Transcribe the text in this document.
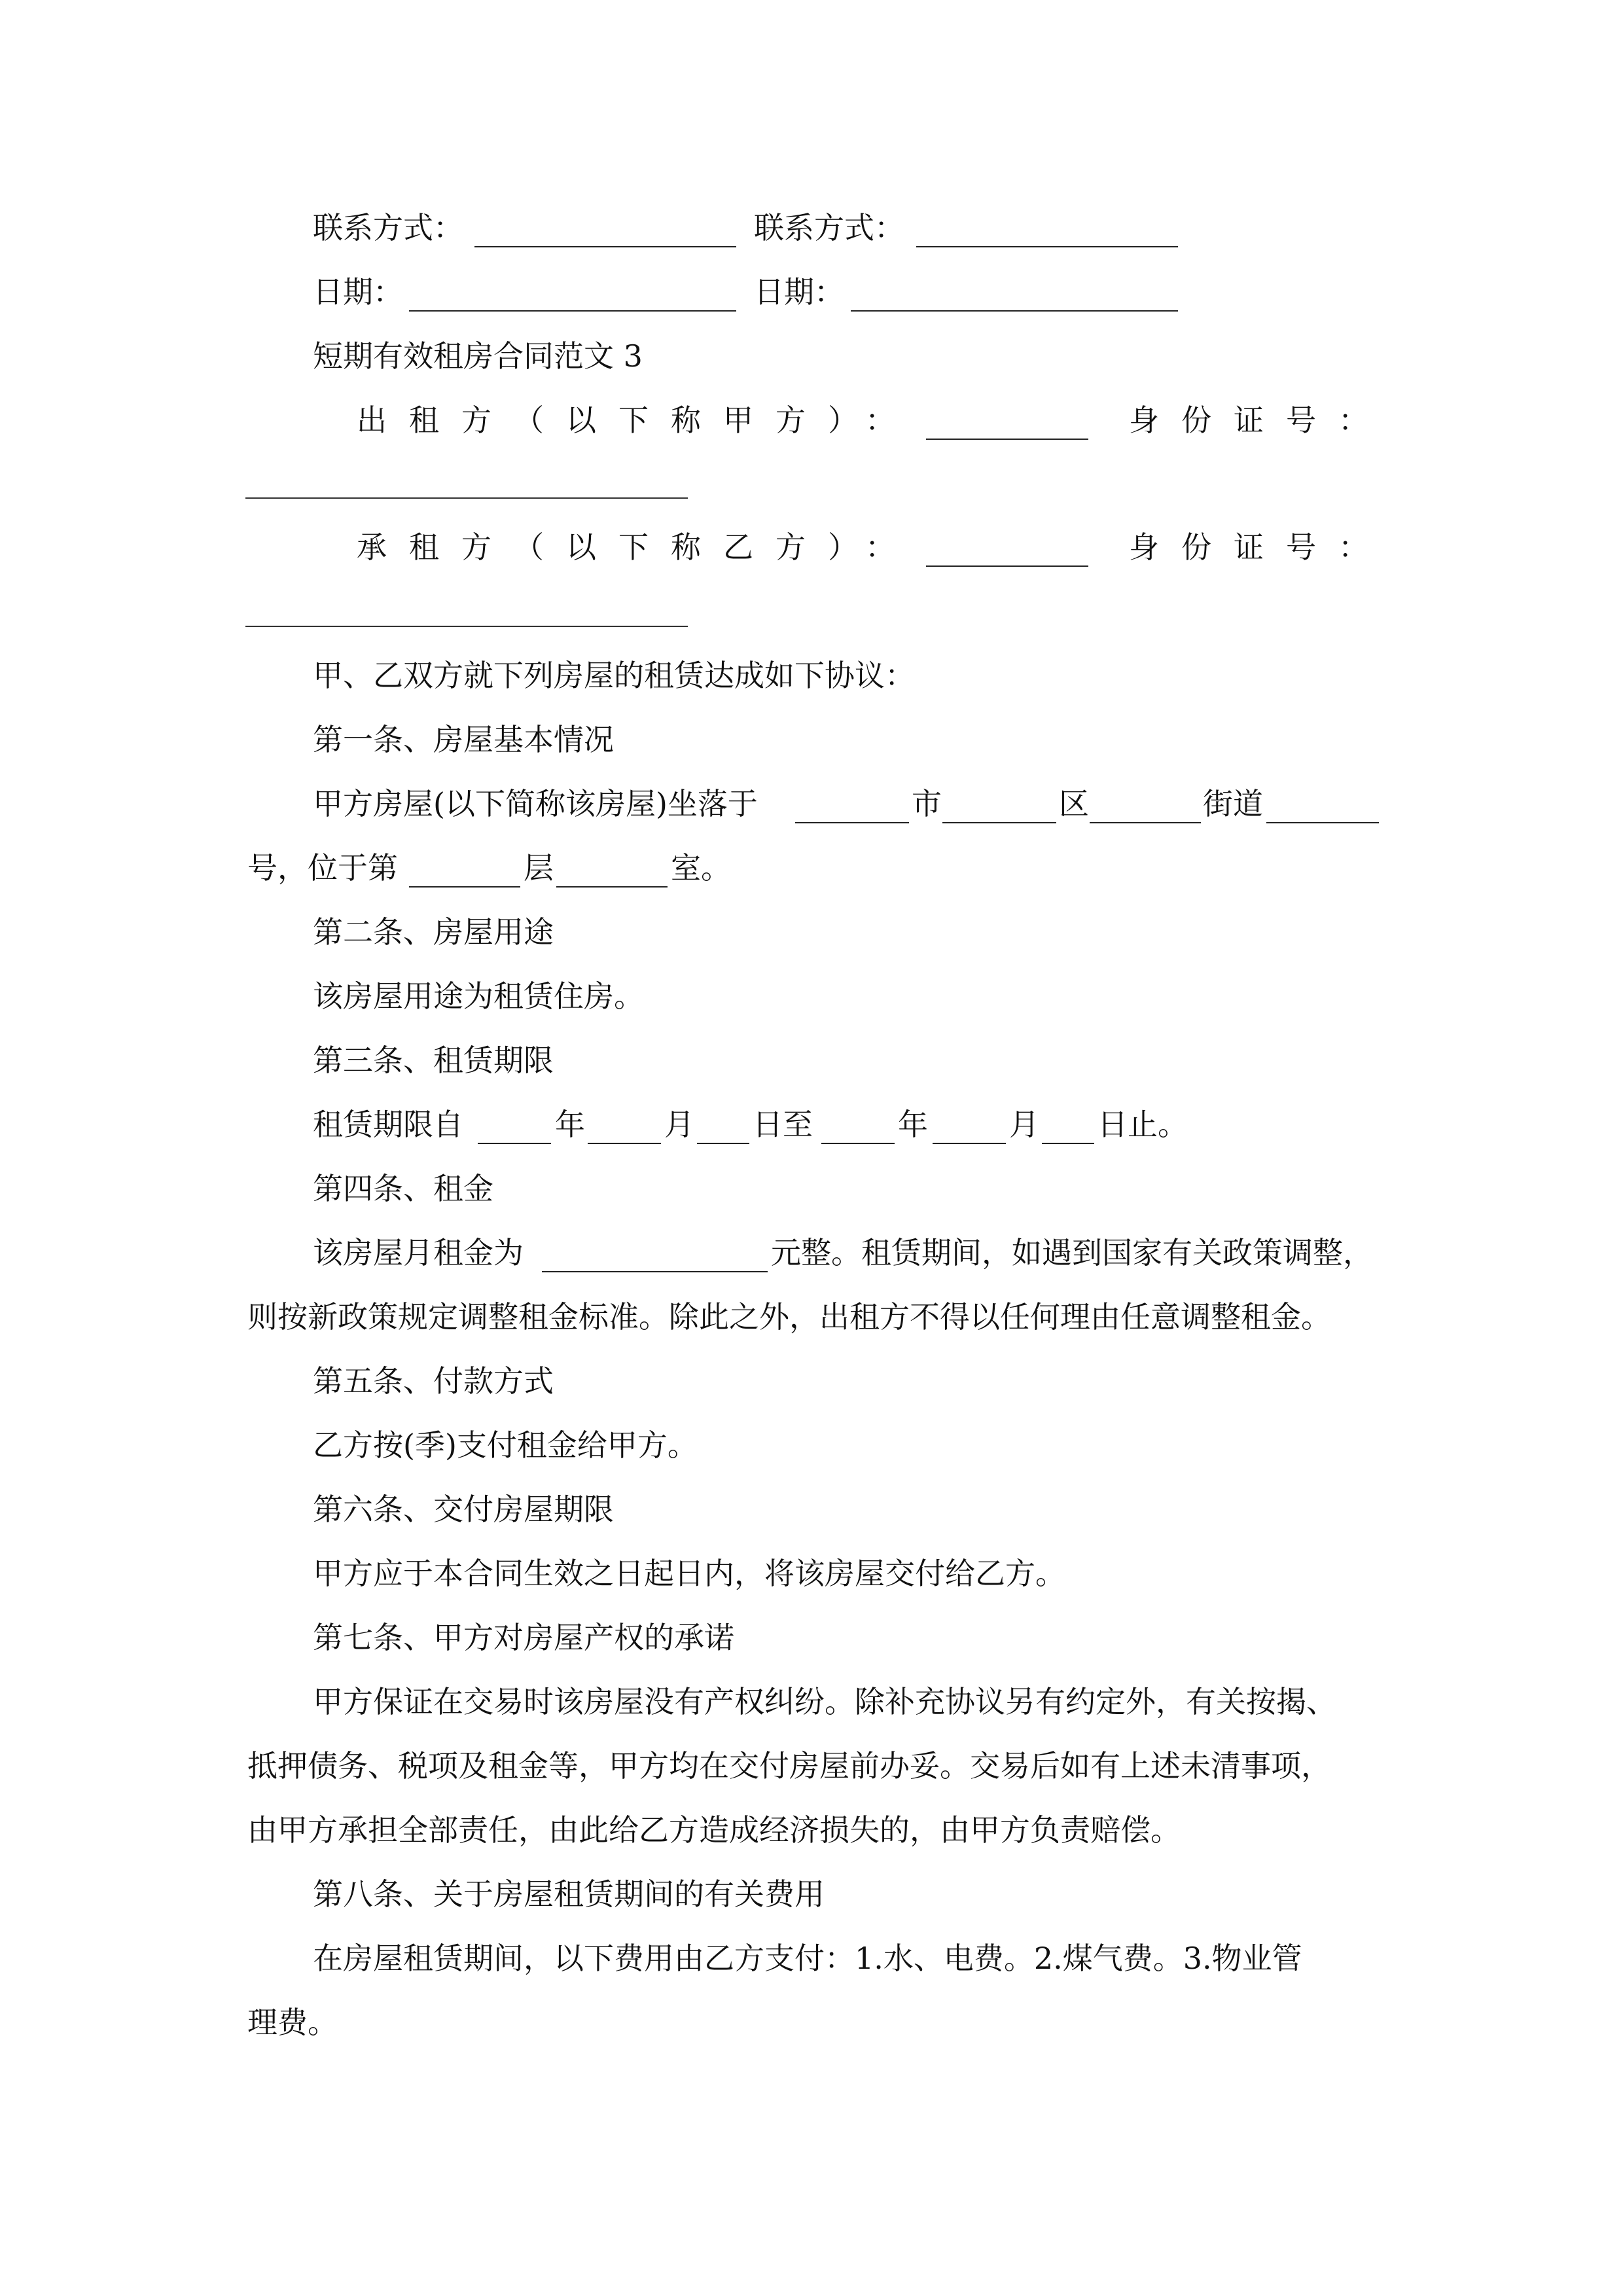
联系方式：	联系方式：
日期：	日期：
短期有效租房合同范文 3
出租方（以下称甲方）：	身份证号：
承租方（以下称乙方）：	身份证号：
甲、乙双方就下列房屋的租赁达成如下协议：
第一条、房屋基本情况
甲方房屋(以下简称该房屋)坐落于	市	区	街道
号，位于第	层	室。
第二条、房屋用途
该房屋用途为租赁住房。
第三条、租赁期限
租赁期限自	年	月 日至	年	月 日止。
第四条、租金
该房屋月租金为	元整。租赁期间，如遇到国家有关政策调整，
则按新政策规定调整租金标准。除此之外，出租方不得以任何理由任意调整租金。
第五条、付款方式
乙方按(季)支付租金给甲方。
第六条、交付房屋期限
甲方应于本合同生效之日起日内，将该房屋交付给乙方。
第七条、甲方对房屋产权的承诺
甲方保证在交易时该房屋没有产权纠纷。除补充协议另有约定外，有关按揭、
抵押债务、税项及租金等，甲方均在交付房屋前办妥。交易后如有上述未清事项，
由甲方承担全部责任，由此给乙方造成经济损失的，由甲方负责赔偿。
第八条、关于房屋租赁期间的有关费用
在房屋租赁期间，以下费用由乙方支付：1.水、电费。2.煤气费。3.物业管
理费。
